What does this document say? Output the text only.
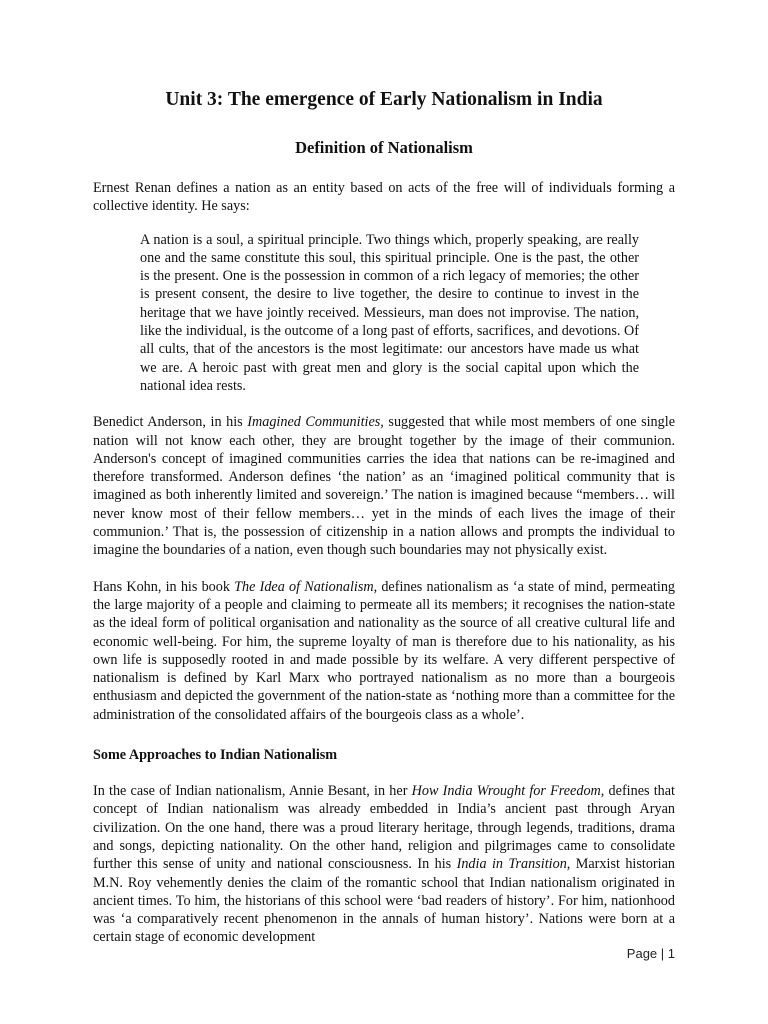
Unit 3: The emergence of Early Nationalism in India
Definition of Nationalism

Ernest Renan defines a nation as an entity based on acts of the free will of individuals forming a collective identity. He says:

A nation is a soul, a spiritual principle. Two things which, properly speaking, are really one and the same constitute this soul, this spiritual principle. One is the past, the other is the present. One is the possession in common of a rich legacy of memories; the other is present consent, the desire to live together, the desire to continue to invest in the heritage that we have jointly received. Messieurs, man does not improvise. The nation, like the individual, is the outcome of a long past of efforts, sacrifices, and devotions. Of all cults, that of the ancestors is the most legitimate: our ancestors have made us what we are. A heroic past with great men and glory is the social capital upon which the national idea rests.

Benedict Anderson, in his Imagined Communities, suggested that while most members of one single nation will not know each other, they are brought together by the image of their communion. Anderson's concept of imagined communities carries the idea that nations can be re-imagined and therefore transformed. Anderson defines ‘the nation’ as an ‘imagined political community that is imagined as both inherently limited and sovereign.’ The nation is imagined because “members… will never know most of their fellow members… yet in the minds of each lives the image of their communion.’ That is, the possession of citizenship in a nation allows and prompts the individual to imagine the boundaries of a nation, even though such boundaries may not physically exist.

Hans Kohn, in his book The Idea of Nationalism, defines nationalism as ‘a state of mind, permeating the large majority of a people and claiming to permeate all its members; it recognises the nation-state as the ideal form of political organisation and nationality as the source of all creative cultural life and economic well-being. For him, the supreme loyalty of man is therefore due to his nationality, as his own life is supposedly rooted in and made possible by its welfare. A very different perspective of nationalism is defined by Karl Marx who portrayed nationalism as no more than a bourgeois enthusiasm and depicted the government of the nation-state as ‘nothing more than a committee for the administration of the consolidated affairs of the bourgeois class as a whole’.

Some Approaches to Indian Nationalism

In the case of Indian nationalism, Annie Besant, in her How India Wrought for Freedom, defines that concept of Indian nationalism was already embedded in India’s ancient past through Aryan civilization. On the one hand, there was a proud literary heritage, through legends, traditions, drama and songs, depicting nationality. On the other hand, religion and pilgrimages came to consolidate further this sense of unity and national consciousness. In his India in Transition, Marxist historian M.N. Roy vehemently denies the claim of the romantic school that Indian nationalism originated in ancient times. To him, the historians of this school were ‘bad readers of history’. For him, nationhood was ‘a comparatively recent phenomenon in the annals of human history’. Nations were born at a certain stage of economic development

Page | 1
